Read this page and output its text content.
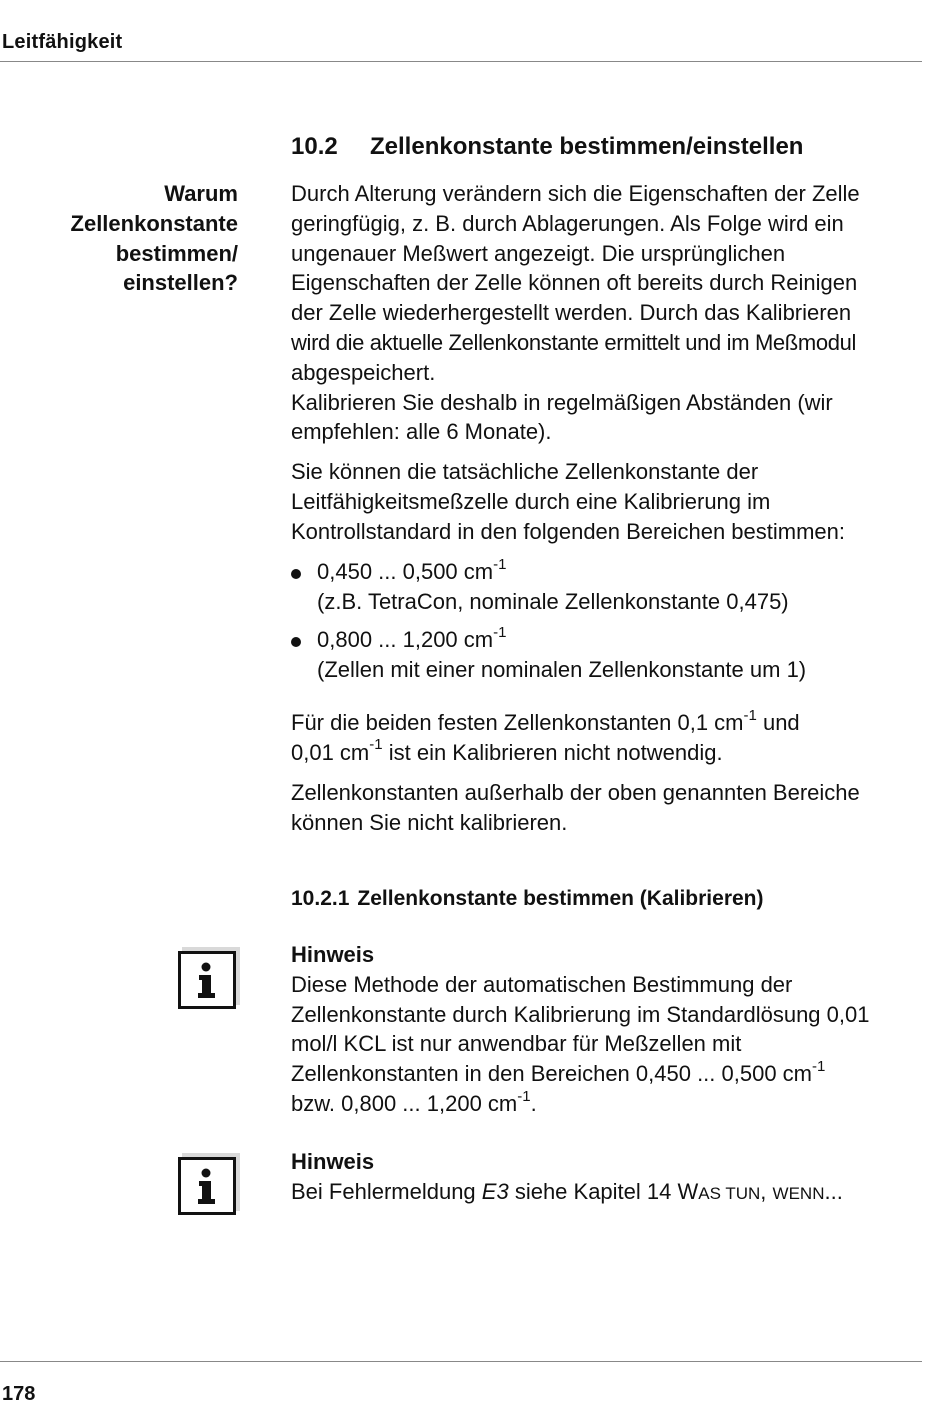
Leitfähigkeit
10.2 Zellenkonstante bestimmen/einstellen
Warum
Zellenkonstante
bestimmen/
einstellen?
Durch Alterung verändern sich die Eigenschaften der Zelle
geringfügig, z. B. durch Ablagerungen. Als Folge wird ein
ungenauer Meßwert angezeigt. Die ursprünglichen
Eigenschaften der Zelle können oft bereits durch Reinigen
der Zelle wiederhergestellt werden. Durch das Kalibrieren
wird die aktuelle Zellenkonstante ermittelt und im Meßmodul
abgespeichert.
Kalibrieren Sie deshalb in regelmäßigen Abständen (wir
empfehlen: alle 6 Monate).
Sie können die tatsächliche Zellenkonstante der
Leitfähigkeitsmeßzelle durch eine Kalibrierung im
Kontrollstandard in den folgenden Bereichen bestimmen:
0,450 ... 0,500 $cm^{-1}$
(z.B. TetraCon, nominale Zellenkonstante 0,475)
0,800 ... 1,200 $cm^{-1}$
(Zellen mit einer nominalen Zellenkonstante um 1)
Für die beiden festen Zellenkonstanten 0,1 $cm^{-1}$ und
0,01 $cm^{-1}$ ist ein Kalibrieren nicht notwendig.
Zellenkonstanten außerhalb der oben genannten Bereiche
können Sie nicht kalibrieren.
10.2.1 Zellenkonstante bestimmen (Kalibrieren)
Hinweis
Diese Methode der automatischen Bestimmung der
Zellenkonstante durch Kalibrierung im Standardlösung 0,01
mol/l KCL ist nur anwendbar für Meßzellen mit
Zellenkonstanten in den Bereichen 0,450 ... 0,500 $cm^{-1}$
bzw. 0,800 ... 1,200 $cm^{-1}$.
Hinweis
Bei Fehlermeldung E3 siehe Kapitel 14 WAS TUN, WENN...
178
